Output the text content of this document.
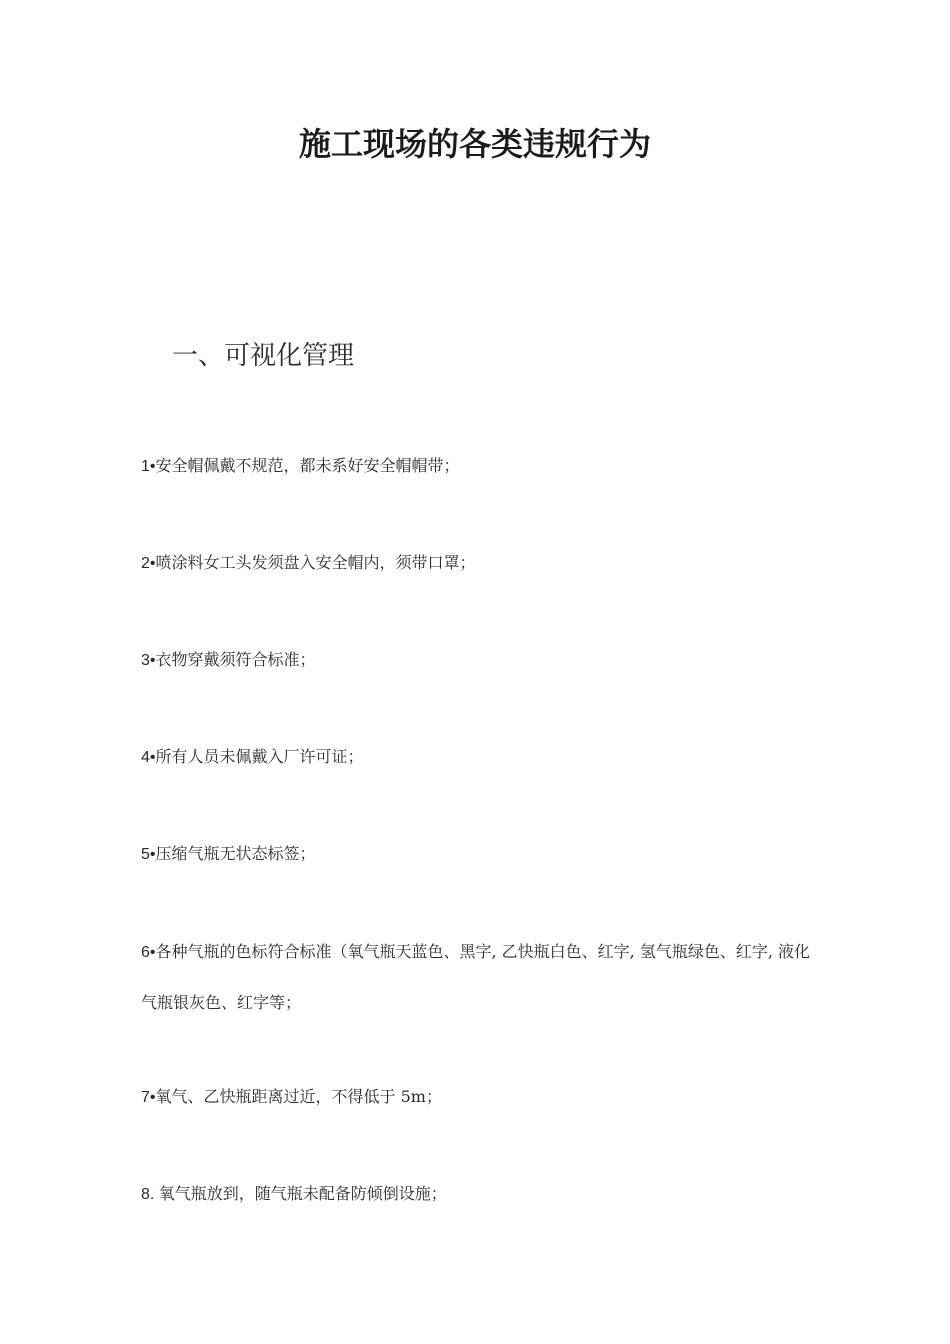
施工现场的各类违规行为
一、可视化管理
1•安全帽佩戴不规范，都未系好安全帽帽带；
2•喷涂料女工头发须盘入安全帽内，须带口罩；
3•衣物穿戴须符合标准；
4•所有人员未佩戴入厂许可证；
5•压缩气瓶无状态标签；
6•各种气瓶的色标符合标准（氧气瓶天蓝色、黑字, 乙快瓶白色、红字, 氢气瓶绿色、红字, 液化气瓶银灰色、红字等；
7•氧气、乙快瓶距离过近，不得低于 5m；
8. 氧气瓶放到，随气瓶未配备防倾倒设施；
